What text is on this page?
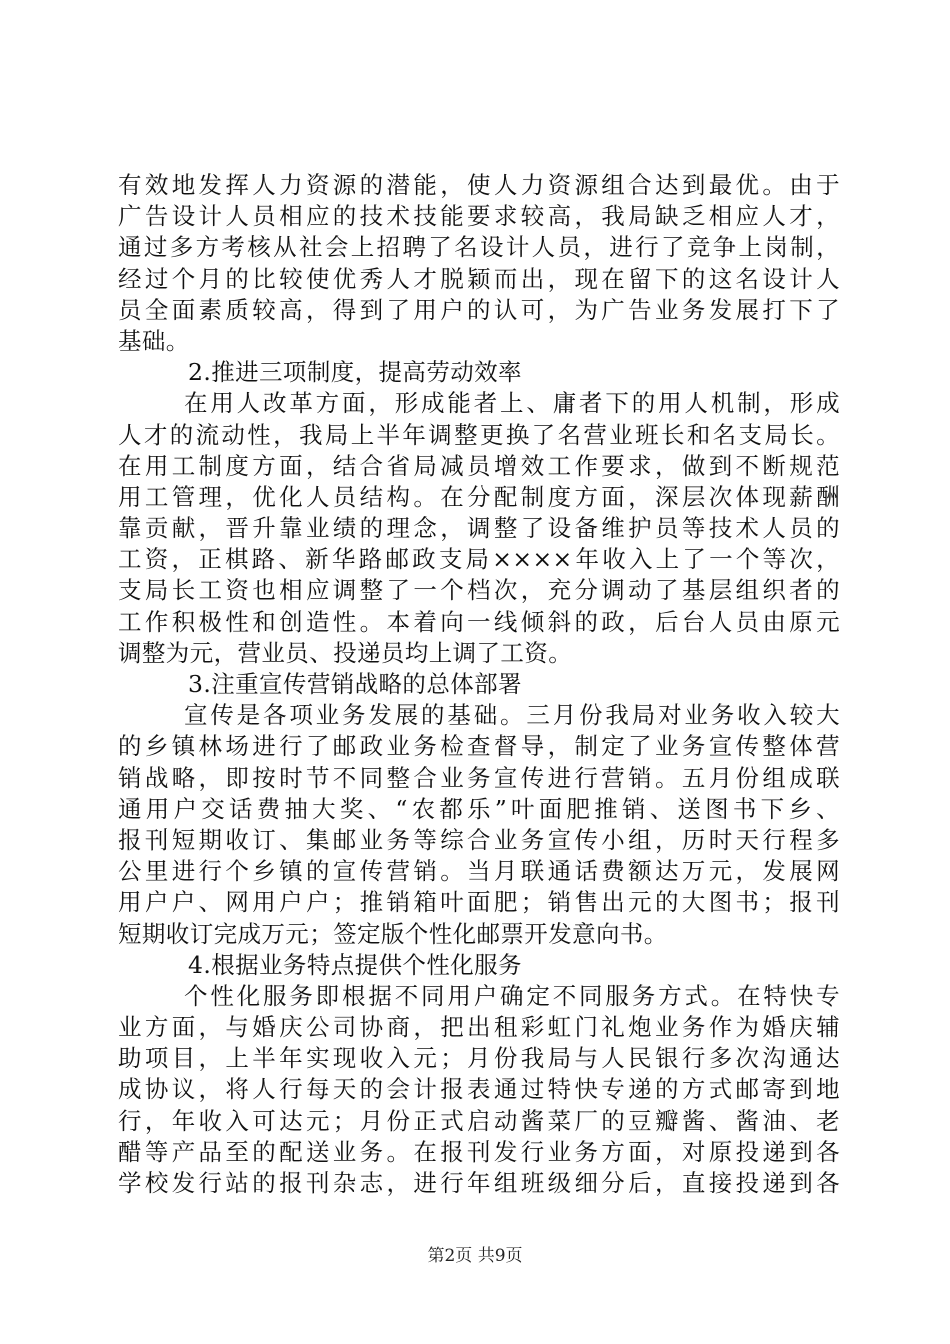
有效地发挥人力资源的潜能，使人力资源组合达到最优。由于
广告设计人员相应的技术技能要求较高，我局缺乏相应人才，
通过多方考核从社会上招聘了名设计人员，进行了竞争上岗制，
经过个月的比较使优秀人才脱颖而出，现在留下的这名设计人
员全面素质较高，得到了用户的认可，为广告业务发展打下了
基础。
2.推进三项制度，提高劳动效率
在用人改革方面，形成能者上、庸者下的用人机制，形成
人才的流动性，我局上半年调整更换了名营业班长和名支局长。
在用工制度方面，结合省局减员增效工作要求，做到不断规范
用工管理，优化人员结构。在分配制度方面，深层次体现薪酬
靠贡献，晋升靠业绩的理念，调整了设备维护员等技术人员的
工资，正棋路、新华路邮政支局××××年收入上了一个等次，
支局长工资也相应调整了一个档次，充分调动了基层组织者的
工作积极性和创造性。本着向一线倾斜的政，后台人员由原元
调整为元，营业员、投递员均上调了工资。
3.注重宣传营销战略的总体部署
宣传是各项业务发展的基础。三月份我局对业务收入较大
的乡镇林场进行了邮政业务检查督导，制定了业务宣传整体营
销战略，即按时节不同整合业务宣传进行营销。五月份组成联
通用户交话费抽大奖、“农都乐”叶面肥推销、送图书下乡、
报刊短期收订、集邮业务等综合业务宣传小组，历时天行程多
公里进行个乡镇的宣传营销。当月联通话费额达万元，发展网
用户户、网用户户；推销箱叶面肥；销售出元的大图书；报刊
短期收订完成万元；签定版个性化邮票开发意向书。
4.根据业务特点提供个性化服务
个性化服务即根据不同用户确定不同服务方式。在特快专
业方面，与婚庆公司协商，把出租彩虹门礼炮业务作为婚庆辅
助项目，上半年实现收入元；月份我局与人民银行多次沟通达
成协议，将人行每天的会计报表通过特快专递的方式邮寄到地
行，年收入可达元；月份正式启动酱菜厂的豆瓣酱、酱油、老
醋等产品至的配送业务。在报刊发行业务方面，对原投递到各
学校发行站的报刊杂志，进行年组班级细分后，直接投递到各
第2页 共9页
